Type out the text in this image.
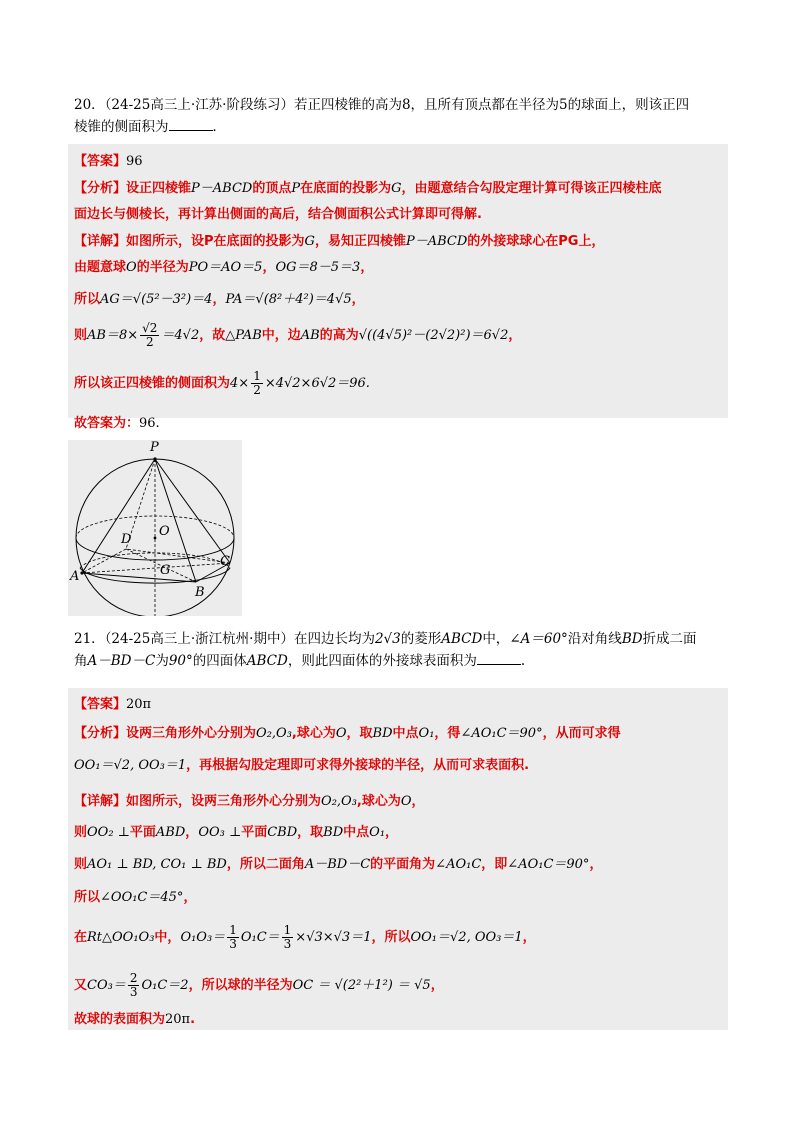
20．（24-25高三上·江苏·阶段练习）若正四棱锥的高为8，且所有顶点都在半径为5的球面上，则该正四
棱锥的侧面积为	．
【答案】96
【分析】设正四棱锥P－ABCD的顶点P在底面的投影为G，由题意结合勾股定理计算可得该正四棱柱底
面边长与侧棱长，再计算出侧面的高后，结合侧面积公式计算即可得解.
【详解】如图所示，设P在底面的投影为G，易知正四棱锥P－ABCD的外接球球心在PG上，
由题意球O的半径为PO＝AO＝5，OG＝8－5＝3，
所以AG＝√(5²－3²)＝4，PA＝√(8²＋4²)＝4√5，
则$AB=8\times \frac{√2}{2} =4√2$，故△PAB中，边AB的高为√((4√5)²－(2√2)²)＝6√2，
所以该正四棱锥的侧面积为$4\times \frac{1}{2} \times 4√2\times 6√2=96$.
故答案为：96.
P
O
D
A	G
C
B
21．（24-25高三上·浙江杭州·期中）在四边长均为2√3的菱形ABCD中，∠A＝60°沿对角线BD折成二面
角A－BD－C为90°的四面体ABCD，则此四面体的外接球表面积为	.
【答案】20π
【分析】设两三角形外心分别为O₂,O₃,球心为O，取BD中点O₁，得∠AO₁C＝90°，从而可求得
OO₁＝√2, OO₃＝1，再根据勾股定理即可求得外接球的半径，从而可求表面积.
【详解】如图所示，设两三角形外心分别为O₂,O₃,球心为O，
则OO₂ ⊥平面ABD，OO₃ ⊥平面CBD，取BD中点O₁，
则AO₁ ⊥ BD, CO₁ ⊥ BD，所以二面角A－BD－C的平面角为∠AO₁C，即∠AO₁C＝90°，
所以∠OO₁C＝45°，
在Rt△OO₁O₃中，$O_1O_3= \frac{1}{3} O_1C= \frac{1}{3} \times√3\times√3=1$，所以OO₁＝√2, OO₃＝1，
又$CO_3= \frac{2}{3} O_1C=2$，所以球的半径为OC ＝ √(2²＋1²) ＝ √5，
故球的表面积为20π.
